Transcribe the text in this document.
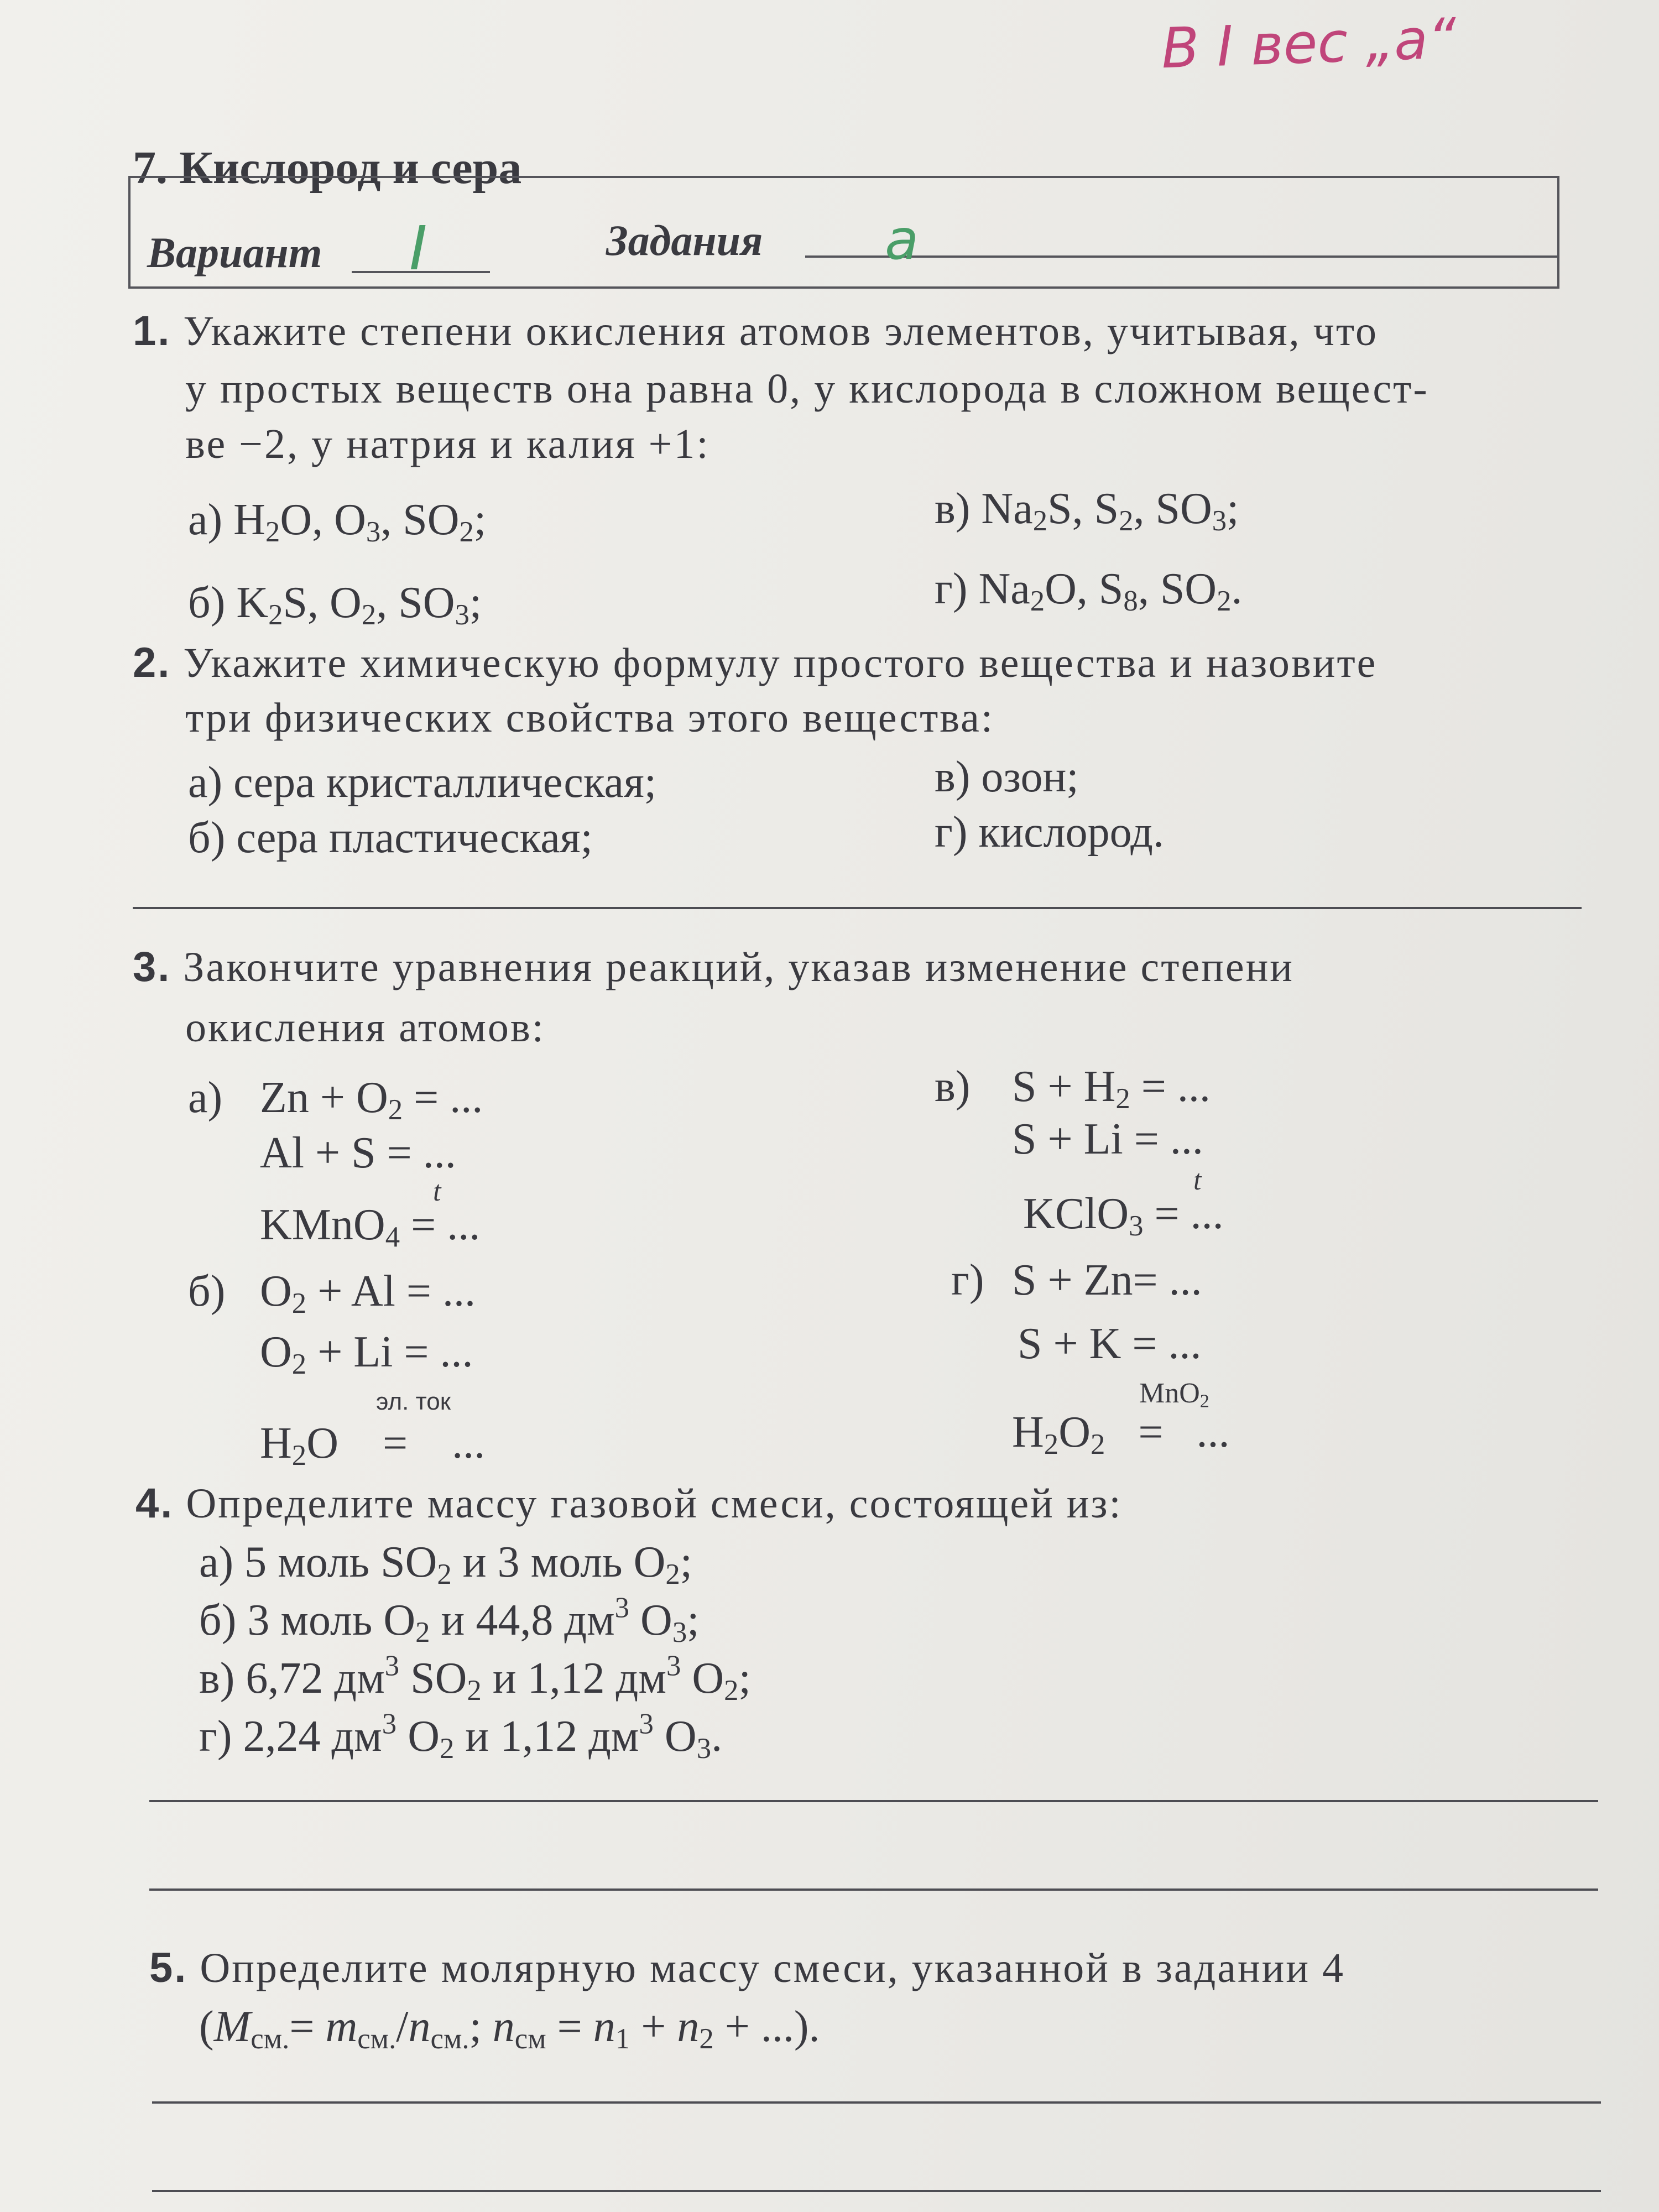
В I вес „а“
7. Кислород и сера
Вариант	Задания
I	a
1. Укажите степени окисления атомов элементов, учитывая, что
у простых веществ она равна 0, у кислорода в сложном вещест-
ве −2, у натрия и калия +1:
а) $H_2O$, $O_3$, $SO_2$;
б) $K_2S$, $O_2$, $SO_3$;
в) $Na_2S$, $S_2$, $SO_3$;
г) $Na_2O$, $S_8$, $SO_2$.
2. Укажите химическую формулу простого вещества и назовите
три физических свойства этого вещества:
а) сера кристаллическая;
б) сера пластическая;
в) озон;
г) кислород.
3. Закончите уравнения реакций, указав изменение степени
окисления атомов:
а) $Zn + O_2$ = ...
Al + S = ...
t
KMnO$_4$ = ...
б) $O_2 + Al$ = ...
$O_2 + Li$ = ...
эл. ток
$H_2O$    =    ...
в) $S + H_2$ = ...
S + Li = ...
t
KClO$_3$ = ...
г) S + Zn= ...
S + K = ...
MnO$_2$
$H_2O_2$   =   ...
4. Определите массу газовой смеси, состоящей из:
а) 5 моль $SO_2$ и 3 моль $O_2$;
б) 3 моль $O_2$ и 44,8 $дм^3$ $O_3$;
в) 6,72 $дм^3$ $SO_2$ и 1,12 $дм^3$ $O_2$;
г) 2,24 $дм^3$ $O_2$ и 1,12 $дм^3$ $O_3$.
5. Определите молярную массу смеси, указанной в задании 4
($M_{см.}= m_{см.}/n_{см.}$; $n_{см} = n_1 + n_2$ + ...).
